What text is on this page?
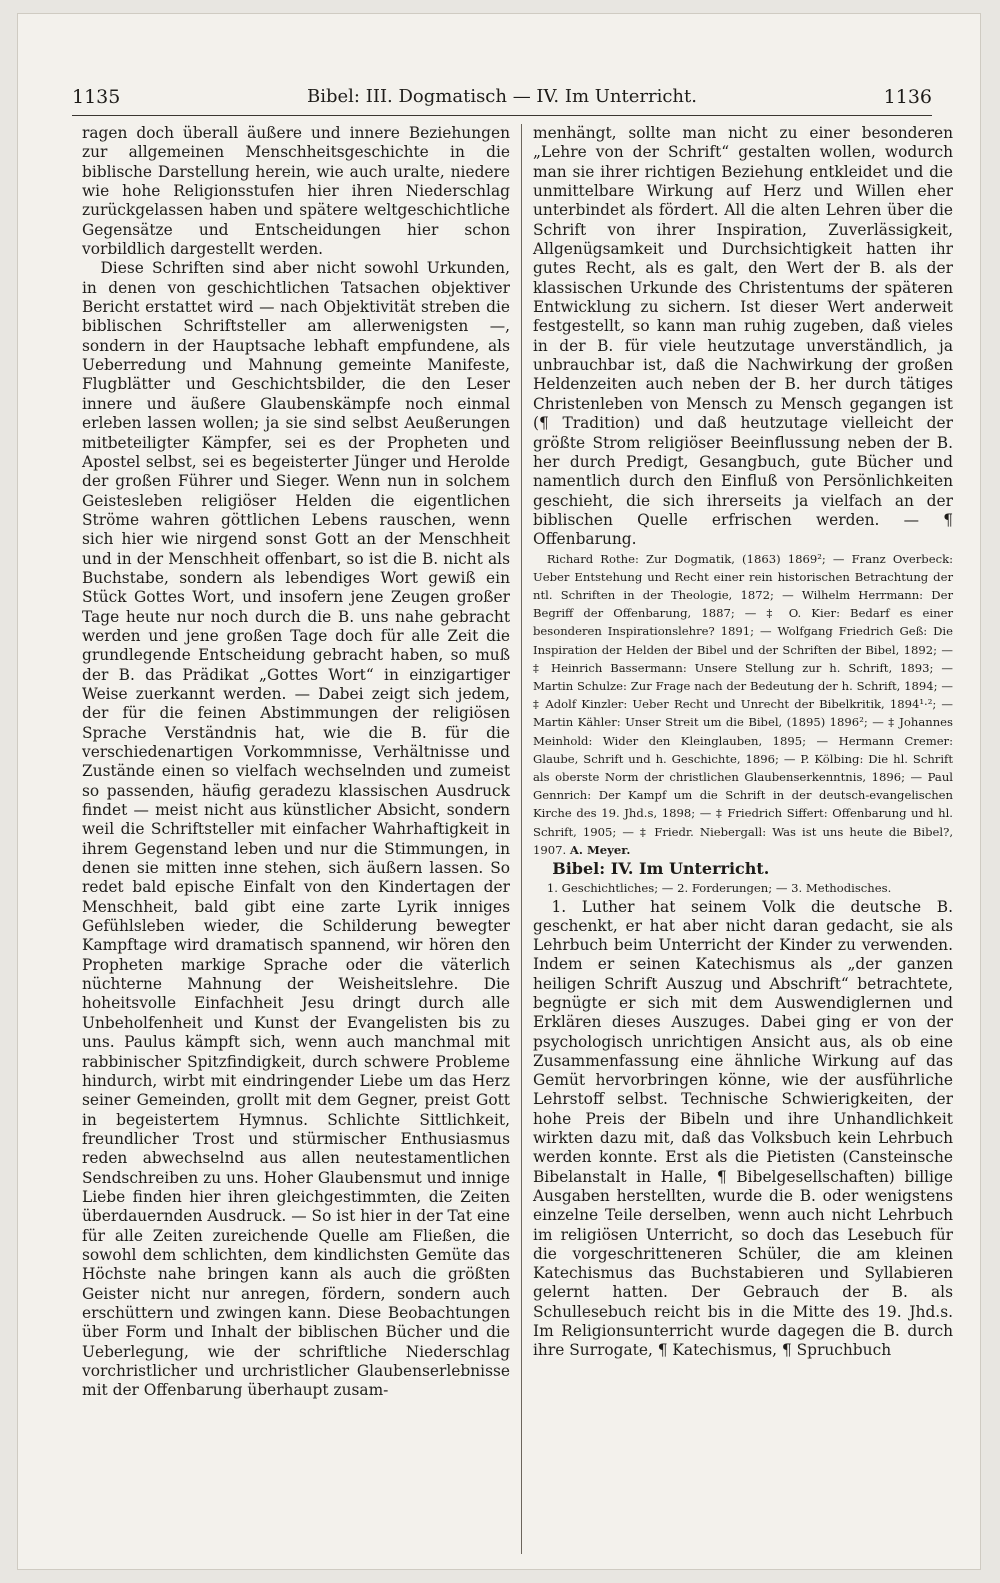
1135	Bibel: III. Dogmatisch — IV. Im Unterricht.	1136

ragen doch überall äußere und innere Beziehungen zur allgemeinen Menschheitsgeschichte in die biblische Darstellung herein, wie auch uralte, niedere wie hohe Religionsstufen hier ihren Niederschlag zurückgelassen haben und spätere weltgeschichtliche Gegensätze und Entscheidungen hier schon vorbildlich dargestellt werden.

Diese Schriften sind aber nicht sowohl Urkunden, in denen von geschichtlichen Tatsachen objektiver Bericht erstattet wird — nach Objektivität streben die biblischen Schriftsteller am allerwenigsten —, sondern in der Hauptsache lebhaft empfundene, als Ueberredung und Mahnung gemeinte Manifeste, Flugblätter und Geschichtsbilder, die den Leser innere und äußere Glaubenskämpfe noch einmal erleben lassen wollen; ja sie sind selbst Aeußerungen mitbeteiligter Kämpfer, sei es der Propheten und Apostel selbst, sei es begeisterter Jünger und Herolde der großen Führer und Sieger. Wenn nun in solchem Geistesleben religiöser Helden die eigentlichen Ströme wahren göttlichen Lebens rauschen, wenn sich hier wie nirgend sonst Gott an der Menschheit und in der Menschheit offenbart, so ist die B. nicht als Buchstabe, sondern als lebendiges Wort gewiß ein Stück Gottes Wort, und insofern jene Zeugen großer Tage heute nur noch durch die B. uns nahe gebracht werden und jene großen Tage doch für alle Zeit die grundlegende Entscheidung gebracht haben, so muß der B. das Prädikat „Gottes Wort“ in einzigartiger Weise zuerkannt werden. — Dabei zeigt sich jedem, der für die feinen Abstimmungen der religiösen Sprache Verständnis hat, wie die B. für die verschiedenartigen Vorkommnisse, Verhältnisse und Zustände einen so vielfach wechselnden und zumeist so passenden, häufig geradezu klassischen Ausdruck findet — meist nicht aus künstlicher Absicht, sondern weil die Schriftsteller mit einfacher Wahrhaftigkeit in ihrem Gegenstand leben und nur die Stimmungen, in denen sie mitten inne stehen, sich äußern lassen. So redet bald epische Einfalt von den Kindertagen der Menschheit, bald gibt eine zarte Lyrik inniges Gefühlsleben wieder, die Schilderung bewegter Kampftage wird dramatisch spannend, wir hören den Propheten markige Sprache oder die väterlich nüchterne Mahnung der Weisheitslehre. Die hoheitsvolle Einfachheit Jesu dringt durch alle Unbeholfenheit und Kunst der Evangelisten bis zu uns. Paulus kämpft sich, wenn auch manchmal mit rabbinischer Spitzfindigkeit, durch schwere Probleme hindurch, wirbt mit eindringender Liebe um das Herz seiner Gemeinden, grollt mit dem Gegner, preist Gott in begeistertem Hymnus. Schlichte Sittlichkeit, freundlicher Trost und stürmischer Enthusiasmus reden abwechselnd aus allen neutestamentlichen Sendschreiben zu uns. Hoher Glaubensmut und innige Liebe finden hier ihren gleichgestimmten, die Zeiten überdauernden Ausdruck. — So ist hier in der Tat eine für alle Zeiten zureichende Quelle am Fließen, die sowohl dem schlichten, dem kindlichsten Gemüte das Höchste nahe bringen kann als auch die größten Geister nicht nur anregen, fördern, sondern auch erschüttern und zwingen kann. Diese Beobachtungen über Form und Inhalt der biblischen Bücher und die Ueberlegung, wie der schriftliche Niederschlag vorchristlicher und urchristlicher Glaubenserlebnisse mit der Offenbarung überhaupt zusam-

menhängt, sollte man nicht zu einer besonderen „Lehre von der Schrift“ gestalten wollen, wodurch man sie ihrer richtigen Beziehung entkleidet und die unmittelbare Wirkung auf Herz und Willen eher unterbindet als fördert. All die alten Lehren über die Schrift von ihrer Inspiration, Zuverlässigkeit, Allgenügsamkeit und Durchsichtigkeit hatten ihr gutes Recht, als es galt, den Wert der B. als der klassischen Urkunde des Christentums der späteren Entwicklung zu sichern. Ist dieser Wert anderweit festgestellt, so kann man ruhig zugeben, daß vieles in der B. für viele heutzutage unverständlich, ja unbrauchbar ist, daß die Nachwirkung der großen Heldenzeiten auch neben der B. her durch tätiges Christenleben von Mensch zu Mensch gegangen ist (¶ Tradition) und daß heutzutage vielleicht der größte Strom religiöser Beeinflussung neben der B. her durch Predigt, Gesangbuch, gute Bücher und namentlich durch den Einfluß von Persönlichkeiten geschieht, die sich ihrerseits ja vielfach an der biblischen Quelle erfrischen werden. — ¶ Offenbarung.

Richard Rothe: Zur Dogmatik, (1863) 1869²; — Franz Overbeck: Ueber Entstehung und Recht einer rein historischen Betrachtung der ntl. Schriften in der Theologie, 1872; — Wilhelm Herrmann: Der Begriff der Offenbarung, 1887; — ‡ O. Kier: Bedarf es einer besonderen Inspirationslehre? 1891; — Wolfgang Friedrich Geß: Die Inspiration der Helden der Bibel und der Schriften der Bibel, 1892; — ‡ Heinrich Bassermann: Unsere Stellung zur h. Schrift, 1893; — Martin Schulze: Zur Frage nach der Bedeutung der h. Schrift, 1894; — ‡ Adolf Kinzler: Ueber Recht und Unrecht der Bibelkritik, 1894¹·²; — Martin Kähler: Unser Streit um die Bibel, (1895) 1896²; — ‡ Johannes Meinhold: Wider den Kleinglauben, 1895; — Hermann Cremer: Glaube, Schrift und h. Geschichte, 1896; — P. Kölbing: Die hl. Schrift als oberste Norm der christlichen Glaubenserkenntnis, 1896; — Paul Gennrich: Der Kampf um die Schrift in der deutsch-evangelischen Kirche des 19. Jhd.s, 1898; — ‡ Friedrich Siffert: Offenbarung und hl. Schrift, 1905; — ‡ Friedr. Niebergall: Was ist uns heute die Bibel?, 1907. A. Meyer.

Bibel: IV. Im Unterricht.

1. Geschichtliches; — 2. Forderungen; — 3. Methodisches.

1. Luther hat seinem Volk die deutsche B. geschenkt, er hat aber nicht daran gedacht, sie als Lehrbuch beim Unterricht der Kinder zu verwenden. Indem er seinen Katechismus als „der ganzen heiligen Schrift Auszug und Abschrift“ betrachtete, begnügte er sich mit dem Auswendiglernen und Erklären dieses Auszuges. Dabei ging er von der psychologisch unrichtigen Ansicht aus, als ob eine Zusammenfassung eine ähnliche Wirkung auf das Gemüt hervorbringen könne, wie der ausführliche Lehrstoff selbst. Technische Schwierigkeiten, der hohe Preis der Bibeln und ihre Unhandlichkeit wirkten dazu mit, daß das Volksbuch kein Lehrbuch werden konnte. Erst als die Pietisten (Cansteinsche Bibelanstalt in Halle, ¶ Bibelgesellschaften) billige Ausgaben herstellten, wurde die B. oder wenigstens einzelne Teile derselben, wenn auch nicht Lehrbuch im religiösen Unterricht, so doch das Lesebuch für die vorgeschritteneren Schüler, die am kleinen Katechismus das Buchstabieren und Syllabieren gelernt hatten. Der Gebrauch der B. als Schullesebuch reicht bis in die Mitte des 19. Jhd.s. Im Religionsunterricht wurde dagegen die B. durch ihre Surrogate, ¶ Katechismus, ¶ Spruchbuch
